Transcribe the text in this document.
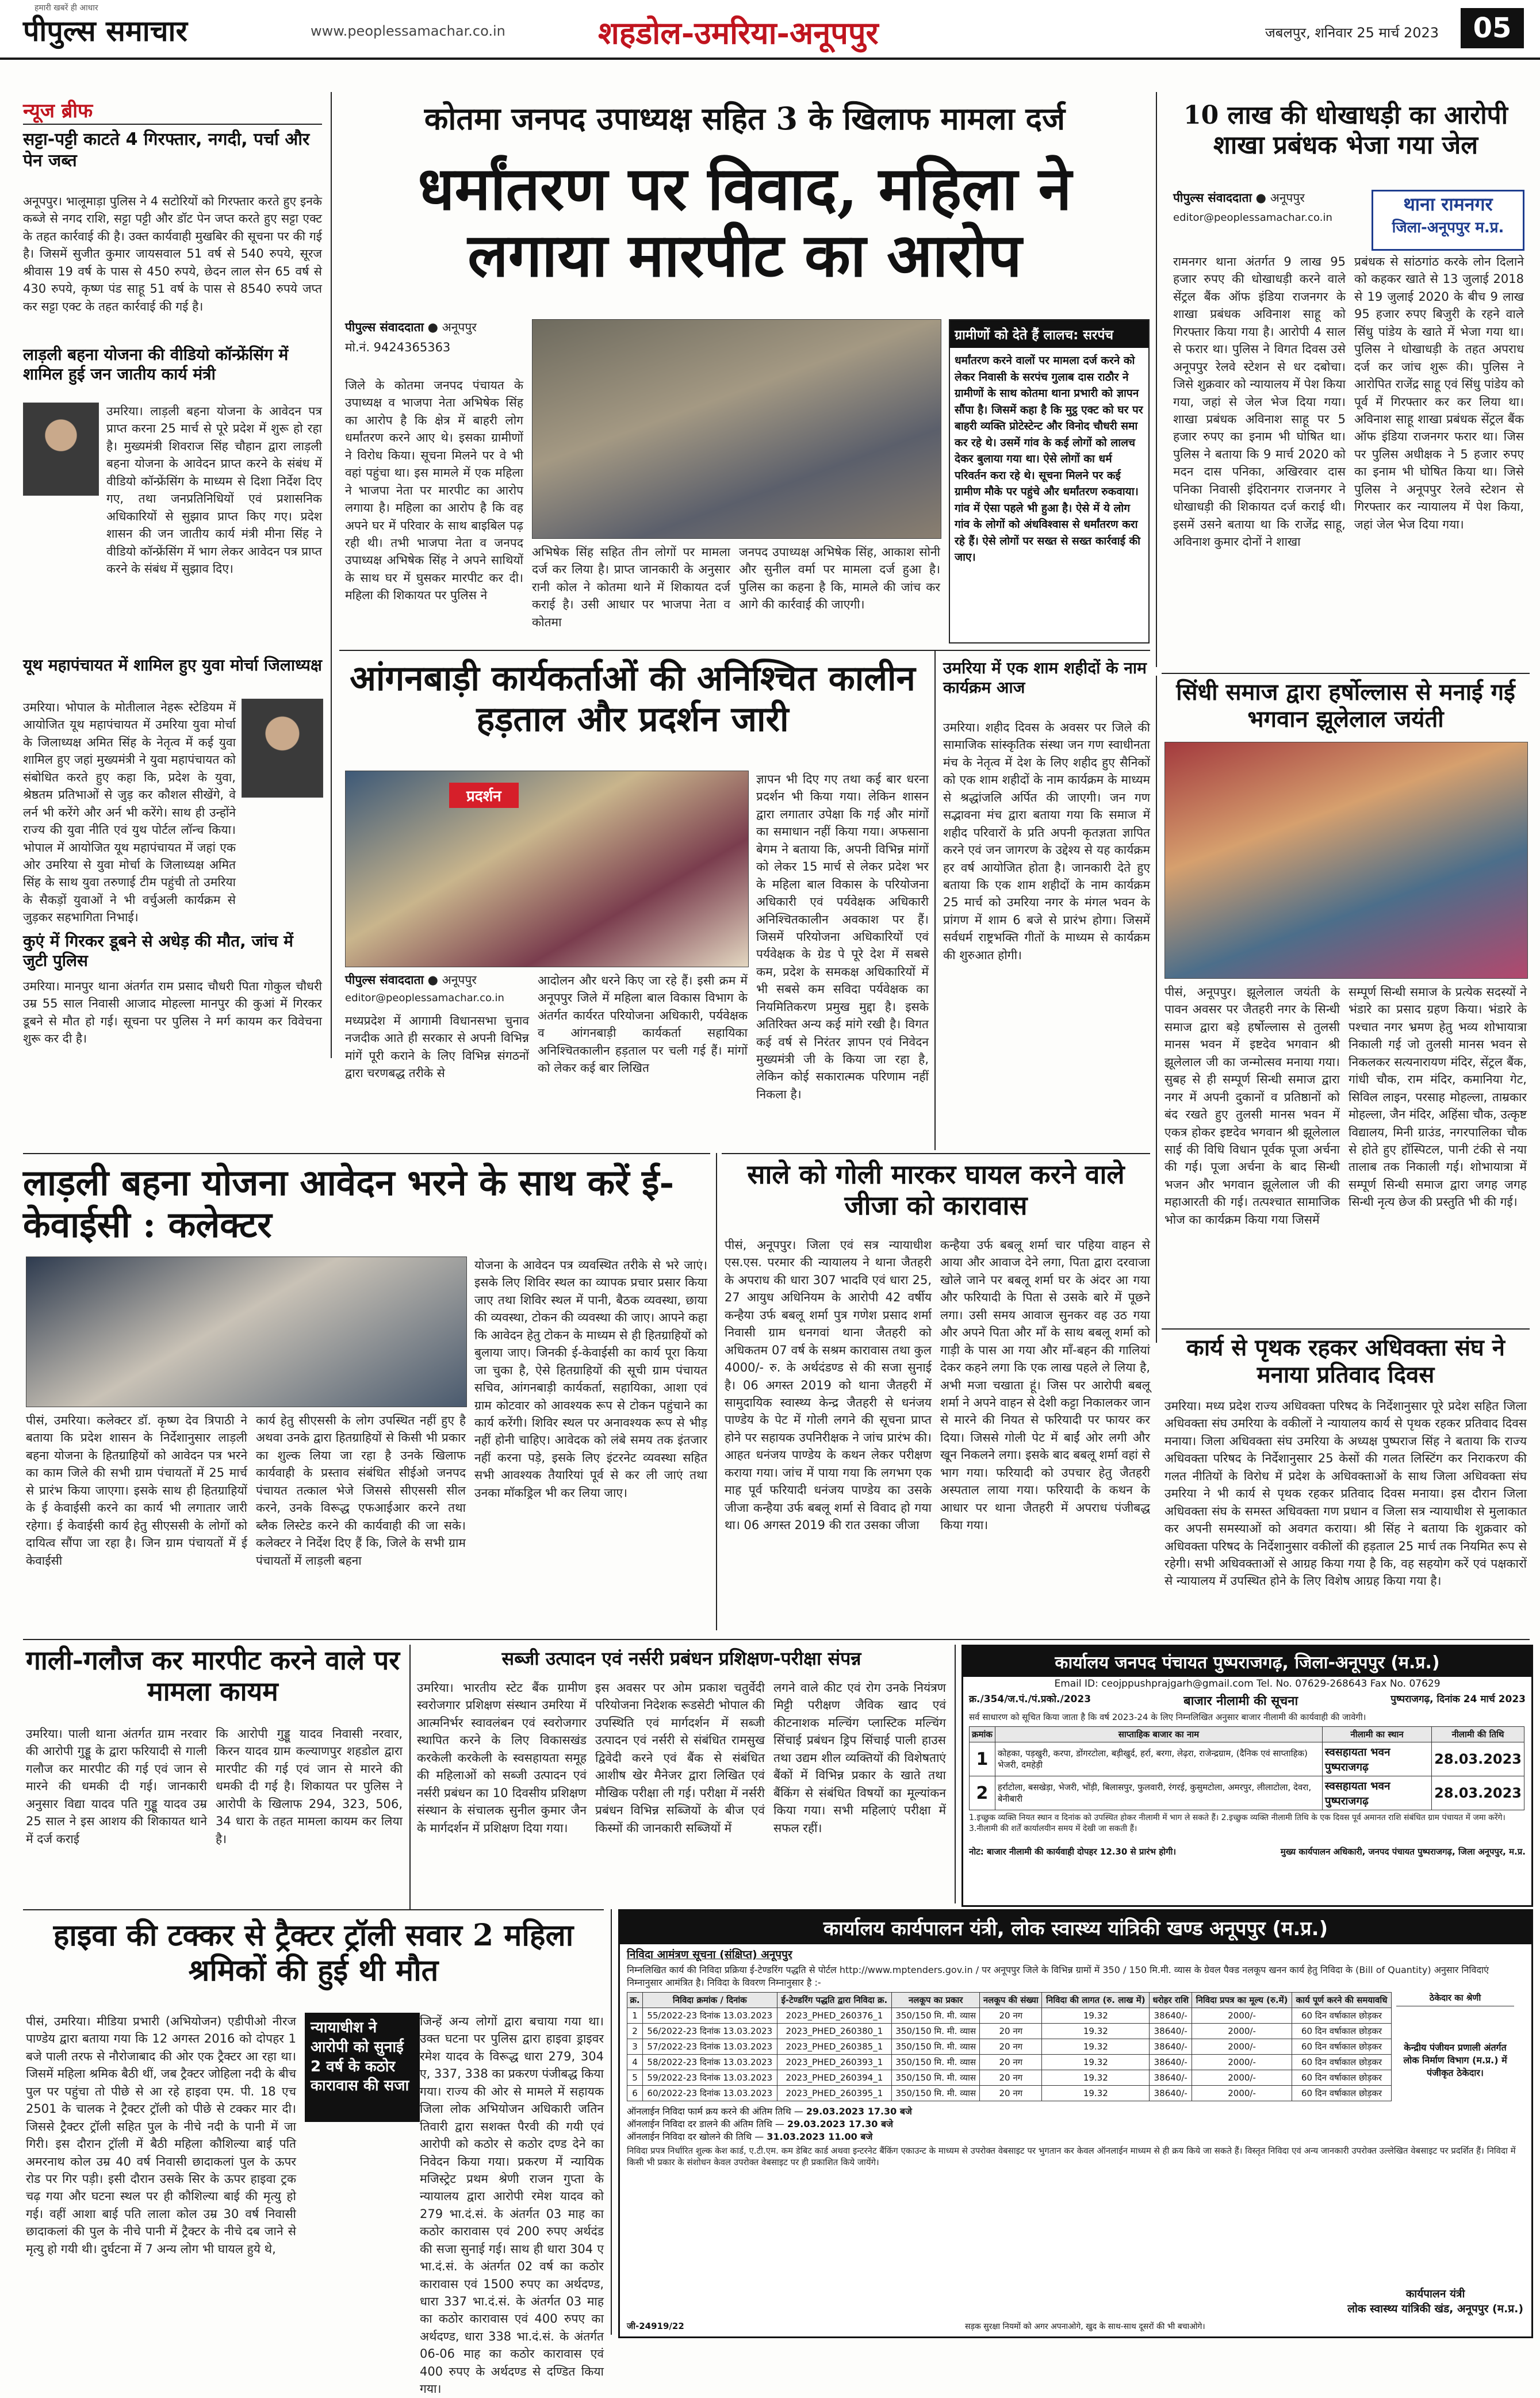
हमारी खबरें ही आधार
पीपुल्स समाचार	www.peoplessamachar.co.in	शहडोल-उमरिया-अनूपपुर	जबलपुर, शनिवार 25 मार्च 2023	05
न्यूज ब्रीफ
सट्टा-पट्टी काटते 4 गिरफ्तार, नगदी, पर्चा और पेन जब्त
अनूपपुर। भालूमाड़ा पुलिस ने 4 सटोरियों को गिरफ्तार करते हुए इनके कब्जे से नगद राशि, सट्टा पट्टी और डॉट पेन जप्त करते हुए सट्टा एक्ट के तहत कार्रवाई की है। उक्त कार्यवाही मुखबिर की सूचना पर की गई है। जिसमें सुजीत कुमार जायसवाल 51 वर्ष से 540 रुपये, सूरज श्रीवास 19 वर्ष के पास से 450 रुपये, छेदन लाल सेन 65 वर्ष से 430 रुपये, कृष्ण पंड साहू 51 वर्ष के पास से 8540 रुपये जप्त कर सट्टा एक्ट के तहत कार्रवाई की गई है।
लाड़ली बहना योजना की वीडियो कॉन्फ्रेंसिंग में शामिल हुई जन जातीय कार्य मंत्री
उमरिया। लाड़ली बहना योजना के आवेदन पत्र प्राप्त करना 25 मार्च से पूरे प्रदेश में शुरू हो रहा है। मुख्यमंत्री शिवराज सिंह चौहान द्वारा लाड़ली बहना योजना के आवेदन प्राप्त करने के संबंध में वीडियो कॉन्फ्रेंसिंग के माध्यम से दिशा निर्देश दिए गए, तथा जनप्रतिनिधियों एवं प्रशासनिक अधिकारियों से सुझाव प्राप्त किए गए। प्रदेश शासन की जन जातीय कार्य मंत्री मीना सिंह ने वीडियो कॉन्फ्रेंसिंग में भाग लेकर आवेदन पत्र प्राप्त करने के संबंध में सुझाव दिए।
यूथ महापंचायत में शामिल हुए युवा मोर्चा जिलाध्यक्ष
उमरिया। भोपाल के मोतीलाल नेहरू स्टेडियम में आयोजित यूथ महापंचायत में उमरिया युवा मोर्चा के जिलाध्यक्ष अमित सिंह के नेतृत्व में कई युवा शामिल हुए जहां मुख्यमंत्री ने युवा महापंचायत को संबोधित करते हुए कहा कि, प्रदेश के युवा, श्रेष्ठतम प्रतिभाओं से जुड़ कर कौशल सीखेंगे, वे लर्न भी करेंगे और अर्न भी करेंगे। साथ ही उन्होंने राज्य की युवा नीति एवं युथ पोर्टल लॉन्च किया। भोपाल में आयोजित यूथ महापंचायत में जहां एक ओर उमरिया से युवा मोर्चा के जिलाध्यक्ष अमित सिंह के साथ युवा तरुणाई टीम पहुंची तो उमरिया के सैकड़ों युवाओं ने भी वर्चुअली कार्यक्रम से जुड़कर सहभागिता निभाई।
कुएं में गिरकर डूबने से अधेड़ की मौत, जांच में जुटी पुलिस
उमरिया। मानपुर थाना अंतर्गत राम प्रसाद चौधरी पिता गोकुल चौधरी उम्र 55 साल निवासी आजाद मोहल्ला मानपुर की कुआं में गिरकर डूबने से मौत हो गई। सूचना पर पुलिस ने मर्ग कायम कर विवेचना शुरू कर दी है।
कोतमा जनपद उपाध्यक्ष सहित 3 के खिलाफ मामला दर्ज
धर्मांतरण पर विवाद, महिला ने लगाया मारपीट का आरोप
पीपुल्स संवाददाता ● अनूपपुर
मो.नं. 9424365363
जिले के कोतमा जनपद पंचायत के उपाध्यक्ष व भाजपा नेता अभिषेक सिंह का आरोप है कि क्षेत्र में बाहरी लोग धर्मांतरण करने आए थे। इसका ग्रामीणों ने विरोध किया। सूचना मिलने पर वे भी वहां पहुंचा था। इस मामले में एक महिला ने भाजपा नेता पर मारपीट का आरोप लगाया है। महिला का आरोप है कि वह अपने घर में परिवार के साथ बाइबिल पढ़ रही थी। तभी भाजपा नेता व जनपद उपाध्यक्ष अभिषेक सिंह ने अपने साथियों के साथ घर में घुसकर मारपीट कर दी। महिला की शिकायत पर पुलिस ने
अभिषेक सिंह सहित तीन लोगों पर मामला दर्ज कर लिया है। प्राप्त जानकारी के अनुसार रानी कोल ने कोतमा थाने में शिकायत दर्ज कराई है। उसी आधार पर भाजपा नेता व कोतमा
जनपद उपाध्यक्ष अभिषेक सिंह, आकाश सोनी और सुनील वर्मा पर मामला दर्ज हुआ है। पुलिस का कहना है कि, मामले की जांच कर आगे की कार्रवाई की जाएगी।
ग्रामीणों को देते हैं लालच: सरपंच
धर्मांतरण करने वालों पर मामला दर्ज करने को लेकर निवासी के सरपंच गुलाब दास राठौर ने ग्रामीणों के साथ कोतमा थाना प्रभारी को ज्ञापन सौंपा है। जिसमें कहा है कि मुट्ठ एक्ट को घर पर बाहरी व्यक्ति प्रोटेस्टेन्ट और विनोद चौधरी समा कर रहे थे। उसमें गांव के कई लोगों को लालच देकर बुलाया गया था। ऐसे लोगों का धर्म परिवर्तन करा रहे थे। सूचना मिलने पर कई ग्रामीण मौके पर पहुंचे और धर्मांतरण रुकवाया। गांव में ऐसा पहले भी हुआ है। ऐसे में ये लोग गांव के लोगों को अंधविश्वास से धर्मांतरण करा रहे हैं। ऐसे लोगों पर सख्त से सख्त कार्रवाई की जाए।
10 लाख की धोखाधड़ी का आरोपी शाखा प्रबंधक भेजा गया जेल
पीपुल्स संवाददाता ● अनूपपुर
editor@peoplessamachar.co.in
थाना रामनगर
जिला-अनूपपुर म.प्र.
रामनगर थाना अंतर्गत 9 लाख 95 हजार रुपए की धोखाधड़ी करने वाले सेंट्रल बैंक ऑफ इंडिया राजनगर के शाखा प्रबंधक अविनाश साहू को गिरफ्तार किया गया है। आरोपी 4 साल से फरार था। पुलिस ने विगत दिवस उसे अनूपपुर रेलवे स्टेशन से धर दबोचा। जिसे शुक्रवार को न्यायालय में पेश किया गया, जहां से जेल भेज दिया गया। शाखा प्रबंधक अविनाश साहू पर 5 हजार रुपए का इनाम भी घोषित था। पुलिस ने बताया कि 9 मार्च 2020 को मदन दास पनिका, अखिरवार दास पनिका निवासी इंदिरानगर राजनगर ने धोखाधड़ी की शिकायत दर्ज कराई थी। इसमें उसने बताया था कि राजेंद्र साहू, अविनाश कुमार दोनों ने शाखा
प्रबंधक से सांठगांठ करके लोन दिलाने को कहकर खाते से 13 जुलाई 2018 से 19 जुलाई 2020 के बीच 9 लाख 95 हजार रुपए बिजुरी के रहने वाले सिंधु पांडेय के खाते में भेजा गया था। पुलिस ने धोखाधड़ी के तहत अपराध दर्ज कर जांच शुरू की। पुलिस ने आरोपित राजेंद्र साहू एवं सिंधु पांडेय को पूर्व में गिरफ्तार कर कर लिया था। अविनाश साहू शाखा प्रबंधक सेंट्रल बैंक ऑफ इंडिया राजनगर फरार था। जिस पर पुलिस अधीक्षक ने 5 हजार रुपए का इनाम भी घोषित किया था। जिसे पुलिस ने अनूपपुर रेलवे स्टेशन से गिरफ्तार कर न्यायालय में पेश किया, जहां जेल भेज दिया गया।
आंगनबाड़ी कार्यकर्ताओं की अनिश्चित कालीन हड़ताल और प्रदर्शन जारी
प्रदर्शन
पीपुल्स संवाददाता ● अनूपपुर
editor@peoplessamachar.co.in
मध्यप्रदेश में आगामी विधानसभा चुनाव नजदीक आते ही सरकार से अपनी विभिन्न मांगें पूरी कराने के लिए विभिन्न संगठनों द्वारा चरणबद्ध तरीके से
आदोलन और धरने किए जा रहे हैं। इसी क्रम में अनूपपुर जिले में महिला बाल विकास विभाग के अंतर्गत कार्यरत परियोजना अधिकारी, पर्यवेक्षक व आंगनबाड़ी कार्यकर्ता सहायिका अनिश्चितकालीन हड़ताल पर चली गई हैं। मांगों को लेकर कई बार लिखित
ज्ञापन भी दिए गए तथा कई बार धरना प्रदर्शन भी किया गया। लेकिन शासन द्वारा लगातार उपेक्षा कि गई और मांगों का समाधान नहीं किया गया। अफसाना बेगम ने बताया कि, अपनी विभिन्न मांगों को लेकर 15 मार्च से लेकर प्रदेश भर के महिला बाल विकास के परियोजना अधिकारी एवं पर्यवेक्षक अधिकारी अनिश्चितकालीन अवकाश पर हैं। जिसमें परियोजना अधिकारियों एवं पर्यवेक्षक के ग्रेड पे पूरे देश में सबसे कम, प्रदेश के समकक्ष अधिकारियों में भी सबसे कम सविदा पर्यवेक्षक का नियमितिकरण प्रमुख मुद्दा है। इसके अतिरिक्त अन्य कई मांगे रखी है। विगत कई वर्ष से निरंतर ज्ञापन एवं निवेदन मुख्यमंत्री जी के किया जा रहा है, लेकिन कोई सकारात्मक परिणाम नहीं निकला है।
उमरिया में एक शाम शहीदों के नाम कार्यक्रम आज
उमरिया। शहीद दिवस के अवसर पर जिले की सामाजिक सांस्कृतिक संस्था जन गण स्वाधीनता मंच के नेतृत्व में देश के लिए शहीद हुए सैनिकों को एक शाम शहीदों के नाम कार्यक्रम के माध्यम से श्रद्धांजलि अर्पित की जाएगी। जन गण सद्भावना मंच द्वारा बताया गया कि समाज में शहीद परिवारों के प्रति अपनी कृतज्ञता ज्ञापित करने एवं जन जागरण के उद्देश्य से यह कार्यक्रम हर वर्ष आयोजित होता है। जानकारी देते हुए बताया कि एक शाम शहीदों के नाम कार्यक्रम 25 मार्च को उमरिया नगर के मंगल भवन के प्रांगण में शाम 6 बजे से प्रारंभ होगा। जिसमें सर्वधर्म राष्ट्रभक्ति गीतों के माध्यम से कार्यक्रम की शुरुआत होगी।
सिंधी समाज द्वारा हर्षोल्लास से मनाई गई भगवान झूलेलाल जयंती
पीसं, अनूपपुर। झूलेलाल जयंती के पावन अवसर पर जैतहरी नगर के सिन्धी समाज द्वारा बड़े हर्षोल्लास से तुलसी मानस भवन में इष्टदेव भगवान श्री झूलेलाल जी का जन्मोत्सव मनाया गया। सुबह से ही सम्पूर्ण सिन्धी समाज द्वारा नगर में अपनी दुकानों व प्रतिष्ठानों को बंद रखते हुए तुलसी मानस भवन में एकत्र होकर इष्टदेव भगवान श्री झूलेलाल साई की विधि विधान पूर्वक पूजा अर्चना की गई। पूजा अर्चना के बाद सिन्धी भजन और भगवान झूलेलाल जी की महाआरती की गई। तत्पश्चात सामाजिक भोज का कार्यक्रम किया गया जिसमें
सम्पूर्ण सिन्धी समाज के प्रत्येक सदस्यों ने भंडारे का प्रसाद ग्रहण किया। भंडारे के पश्चात नगर भ्रमण हेतु भव्य शोभायात्रा निकाली गई जो तुलसी मानस भवन से निकलकर सत्यनारायण मंदिर, सेंट्रल बैंक, गांधी चौक, राम मंदिर, कमानिया गेट, सिविल लाइन, परसाह मोहल्ला, ताम्रकार मोहल्ला, जैन मंदिर, अहिंसा चौक, उत्कृष्ट विद्यालय, मिनी ग्राउंड, नगरपालिका चौक से होते हुए हॉस्पिटल, पानी टंकी से नया तालाब तक निकाली गई। शोभायात्रा में सम्पूर्ण सिन्धी समाज द्वारा जगह जगह सिन्धी नृत्य छेज की प्रस्तुति भी की गई।
लाड़ली बहना योजना आवेदन भरने के साथ करें ई-केवाईसी : कलेक्टर
पीसं, उमरिया। कलेक्टर डॉ. कृष्ण देव त्रिपाठी ने बताया कि प्रदेश शासन के निर्देशानुसार लाड़ली बहना योजना के हितग्राहियों को आवेदन पत्र भरने का काम जिले की सभी ग्राम पंचायतों में 25 मार्च से प्रारंभ किया जाएगा। इसके साथ ही हितग्राहियों के ई केवाईसी करने का कार्य भी लगातार जारी रहेगा। ई केवाईसी कार्य हेतु सीएससी के लोगों को दायित्व सौंपा जा रहा है। जिन ग्राम पंचायतों में ई केवाईसी
कार्य हेतु सीएससी के लोग उपस्थित नहीं हुए है अथवा उनके द्वारा हितग्राहियों से किसी भी प्रकार का शुल्क लिया जा रहा है उनके खिलाफ कार्यवाही के प्रस्ताव संबंधित सीईओ जनपद पंचायत तत्काल भेजे जिससे सीएससी सील करने, उनके विरूद्ध एफआईआर करने तथा ब्लैक लिस्टेड करने की कार्यवाही की जा सके। कलेक्टर ने निर्देश दिए हैं कि, जिले के सभी ग्राम पंचायतों में लाड़ली बहना
योजना के आवेदन पत्र व्यवस्थित तरीके से भरे जाएं। इसके लिए शिविर स्थल का व्यापक प्रचार प्रसार किया जाए तथा शिविर स्थल में पानी, बैठक व्यवस्था, छाया की व्यवस्था, टोकन की व्यवस्था की जाए। आपने कहा कि आवेदन हेतु टोकन के माध्यम से ही हितग्राहियों को बुलाया जाए। जिनकी ई-केवाईसी का कार्य पूरा किया जा चुका है, ऐसे हितग्राहियों की सूची ग्राम पंचायत सचिव, आंगनबाड़ी कार्यकर्ता, सहायिका, आशा एवं ग्राम कोटवार को आवश्यक रूप से टोकन पहुंचाने का कार्य करेंगी। शिविर स्थल पर अनावश्यक रूप से भीड़ नहीं होनी चाहिए। आवेदक को लंबे समय तक इंतजार नहीं करना पड़े, इसके लिए इंटरनेट व्यवस्था सहित सभी आवश्यक तैयारियां पूर्व से कर ली जाएं तथा उनका मॉकड्रिल भी कर लिया जाए।
साले को गोली मारकर घायल करने वाले जीजा को कारावास
पीसं, अनूपपुर। जिला एवं सत्र न्यायाधीश एस.एस. परमार की न्यायालय ने थाना जैतहरी के अपराध की धारा 307 भादवि एवं धारा 25, 27 आयुध अधिनियम के आरोपी 42 वर्षीय कन्हैया उर्फ बबलू शर्मा पुत्र गणेश प्रसाद शर्मा निवासी ग्राम धनगवां थाना जैतहरी को अधिकतम 07 वर्ष के सश्रम कारावास तथा कुल 4000/- रु. के अर्थदंडण्ड से की सजा सुनाई है। 06 अगस्त 2019 को थाना जैतहरी में सामुदायिक स्वास्थ्य केन्द्र जैतहरी से धनंजय पाण्डेय के पेट में गोली लगने की सूचना प्राप्त होने पर सहायक उपनिरीक्षक ने जांच प्रारंभ की। आहत धनंजय पाण्डेय के कथन लेकर परीक्षण कराया गया। जांच में पाया गया कि लगभग एक माह पूर्व फरियादी धनंजय पाण्डेय का उसके जीजा कन्हैया उर्फ बबलू शर्मा से विवाद हो गया था। 06 अगस्त 2019 की रात उसका जीजा
कन्हैया उर्फ बबलू शर्मा चार पहिया वाहन से आया और आवाज देने लगा, पिता द्वारा दरवाजा खोले जाने पर बबलू शर्मा घर के अंदर आ गया और फरियादी के पिता से उसके बारे में पूछने लगा। उसी समय आवाज सुनकर वह उठ गया और अपने पिता और माँ के साथ बबलू शर्मा को गाड़ी के पास आ गया और माँ-बहन की गालियां देकर कहने लगा कि एक लाख पहले ले लिया है, अभी मजा चखाता हूं। जिस पर आरोपी बबलू शर्मा ने अपने वाहन से देशी कट्टा निकालकर जान से मारने की नियत से फरियादी पर फायर कर दिया। जिससे गोली पेट में बाईं ओर लगी और खून निकलने लगा। इसके बाद बबलू शर्मा वहां से भाग गया। फरियादी को उपचार हेतु जैतहरी अस्पताल लाया गया। फरियादी के कथन के आधार पर थाना जैतहरी में अपराध पंजीबद्ध किया गया।
कार्य से पृथक रहकर अधिवक्ता संघ ने मनाया प्रतिवाद दिवस
उमरिया। मध्य प्रदेश राज्य अधिवक्ता परिषद के निर्देशानुसार पूरे प्रदेश सहित जिला अधिवक्ता संघ उमरिया के वकीलों ने न्यायालय कार्य से पृथक रहकर प्रतिवाद दिवस मनाया। जिला अधिवक्ता संघ उमरिया के अध्यक्ष पुष्पराज सिंह ने बताया कि राज्य अधिवक्ता परिषद के निर्देशानुसार 25 केसों की गलत लिस्टिंग कर निराकरण की गलत नीतियों के विरोध में प्रदेश के अधिवक्ताओं के साथ जिला अधिवक्ता संघ उमरिया ने भी कार्य से पृथक रहकर प्रतिवाद दिवस मनाया। इस दौरान जिला अधिवक्ता संघ के समस्त अधिवक्ता गण प्रधान व जिला सत्र न्यायाधीश से मुलाकात कर अपनी समस्याओं को अवगत कराया। श्री सिंह ने बताया कि शुक्रवार को अधिवक्ता परिषद के निर्देशानुसार वकीलों की हड़ताल 25 मार्च तक नियमित रूप से रहेगी। सभी अधिवक्ताओं से आग्रह किया गया है कि, वह सहयोग करें एवं पक्षकारों से न्यायालय में उपस्थित होने के लिए विशेष आग्रह किया गया है।
गाली-गलौज कर मारपीट करने वाले पर मामला कायम
उमरिया। पाली थाना अंतर्गत ग्राम नरवार की आरोपी गुड्डू के द्वारा फरियादी से गाली गलौज कर मारपीट की गई एवं जान से मारने की धमकी दी गई। जानकारी अनुसार विद्या यादव पति गुड्डू यादव उम्र 25 साल ने इस आशय की शिकायत थाने में दर्ज कराई
कि आरोपी गुड्डू यादव निवासी नरवार, किरन यादव ग्राम कल्याणपुर शहडोल द्वारा मारपीट की गई एवं जान से मारने की धमकी दी गई है। शिकायत पर पुलिस ने आरोपी के खिलाफ 294, 323, 506, 34 धारा के तहत मामला कायम कर लिया है।
सब्जी उत्पादन एवं नर्सरी प्रबंधन प्रशिक्षण-परीक्षा संपन्न
उमरिया। भारतीय स्टेट बैंक ग्रामीण स्वरोजगार प्रशिक्षण संस्थान उमरिया में आत्मनिर्भर स्वावलंबन एवं स्वरोजगार स्थापित करने के लिए विकासखंड करकेली करकेली के स्वसहायता समूह की महिलाओं को सब्जी उत्पादन एवं नर्सरी प्रबंधन का 10 दिवसीय प्रशिक्षण संस्थान के संचालक सुनील कुमार जैन के मार्गदर्शन में प्रशिक्षण दिया गया।
इस अवसर पर ओम प्रकाश चतुर्वेदी परियोजना निदेशक रूडसेटी भोपाल की उपस्थिति एवं मार्गदर्शन में सब्जी उत्पादन एवं नर्सरी से संबंधित रामसुख द्विवेदी करने एवं बैंक से संबंधित आशीष खेर मैनेजर द्वारा लिखित एवं मौखिक परीक्षा ली गई। परीक्षा में नर्सरी प्रबंधन विभिन्न सब्जियों के बीज एवं किस्मों की जानकारी सब्जियों में
लगने वाले कीट एवं रोग उनके नियंत्रण मिट्टी परीक्षण जैविक खाद एवं कीटनाशक मल्चिंग प्लास्टिक मल्चिंग सिंचाई प्रबंधन ड्रिप सिंचाई पाली हाउस तथा उद्यम शील व्यक्तियों की विशेषताएं बैंकों में विभिन्न प्रकार के खाते तथा बैंकिंग से संबंधित विषयों का मूल्यांकन किया गया। सभी महिलाएं परीक्षा में सफल रहीं।
कार्यालय जनपद पंचायत पुष्पराजगढ़, जिला-अनूपपुर (म.प्र.)
Email ID: ceojppushprajgarh@gmail.com Tel. No. 07629-268643 Fax No. 07629
क्र./354/ज.पं./पं.प्रको./2023	बाजार नीलामी की सूचना	पुष्पराजगढ़, दिनांक 24 मार्च 2023
सर्व साधारण को सूचित किया जाता है कि वर्ष 2023-24 के लिए निम्नलिखित अनुसार बाजार नीलामी की कार्यवाही की जावेगी।
क्रमांक	साप्ताहिक बाजार का नाम	नीलामी का स्थान	नीलामी की तिथि
1	कोहका, पड़खुरी, करपा, डोंगरटोला, बड़ीखुर्द, हर्रा, बरगा, लेढ़रा, राजेन्द्रग्राम, (दैनिक एवं साप्ताहिक) भेजरी, दमहेड़ी	स्वसहायता भवन पुष्पराजगढ़	28.03.2023
2	हर्राटोला, बसखेड़ा, भेजरी, भोंड़ी, बिलासपुर, फुलवारी, रंगरई, कुसुमटोला, अमरपुर, लीलाटोला, देवरा, बेनीबारी	स्वसहायता भवन पुष्पराजगढ़	28.03.2023
1.इच्छुक व्यक्ति नियत स्थान व दिनांक को उपस्थित होकर नीलामी में भाग ले सकते हैं। 2.इच्छुक व्यक्ति नीलामी तिथि के एक दिवस पूर्व अमानत राशि संबंधित ग्राम पंचायत में जमा करेंगे। 3.नीलामी की शर्तें कार्यालयीन समय में देखी जा सकती हैं।
नोट: बाजार नीलामी की कार्यवाही दोपहर 12.30 से प्रारंभ होगी।	मुख्य कार्यपालन अधिकारी, जनपद पंचायत पुष्पराजगढ़, जिला अनूपपुर, म.प्र.
हाइवा की टक्कर से ट्रैक्टर ट्रॉली सवार 2 महिला श्रमिकों की हुई थी मौत
पीसं, उमरिया। मीडिया प्रभारी (अभियोजन) एडीपीओ नीरज पाण्डेय द्वारा बताया गया कि 12 अगस्त 2016 को दोपहर 1 बजे पाली तरफ से नौरोजाबाद की ओर एक ट्रैक्टर आ रहा था। जिसमें महिला श्रमिक बैठी थीं, जब ट्रैक्टर जोहिला नदी के बीच पुल पर पहुंचा तो पीछे से आ रहे हाइवा एम. पी. 18 एच 2501 के चालक ने ट्रैक्टर ट्रॉली को पीछे से टक्कर मार दी। जिससे ट्रैक्टर ट्रॉली सहित पुल के नीचे नदी के पानी में जा गिरी। इस दौरान ट्रॉली में बैठी महिला कौशिल्या बाई पति अमरनाथ कोल उम्र 40 वर्ष निवासी छादाकलां पुल के ऊपर रोड पर गिर पड़ी। इसी दौरान उसके सिर के ऊपर हाइवा ट्रक चढ़ गया और घटना स्थल पर ही कौशिल्या बाई की मृत्यु हो गई। वहीं आशा बाई पति लाला कोल उम्र 30 वर्ष निवासी छादाकलां की पुल के नीचे पानी में ट्रैक्टर के नीचे दब जाने से मृत्यु हो गयी थी। दुर्घटना में 7 अन्य लोग भी घायल हुये थे,
न्यायाधीश ने आरोपी को सुनाई 2 वर्ष के कठोर कारावास की सजा
जिन्हें अन्य लोगों द्वारा बचाया गया था। उक्त घटना पर पुलिस द्वारा हाइवा ड्राइवर रमेश यादव के विरूद्ध धारा 279, 304 ए, 337, 338 का प्रकरण पंजीबद्ध किया गया। राज्य की ओर से मामले में सहायक जिला लोक अभियोजन अधिकारी जतिन तिवारी द्वारा सशक्त पैरवी की गयी एवं आरोपी को कठोर से कठोर दण्ड देने का निवेदन किया गया। प्रकरण में न्यायिक मजिस्ट्रेट प्रथम श्रेणी राजन गुप्ता के न्यायालय द्वारा आरोपी रमेश यादव को 279 भा.दं.सं. के अंतर्गत 03 माह का कठोर कारावास एवं 200 रुपए अर्थदंड की सजा सुनाई गई। साथ ही धारा 304 ए भा.दं.सं. के अंतर्गत 02 वर्ष का कठोर कारावास एवं 1500 रुपए का अर्थदण्ड, धारा 337 भा.दं.सं. के अंतर्गत 03 माह का कठोर कारावास एवं 400 रुपए का अर्थदण्ड, धारा 338 भा.दं.सं. के अंतर्गत 06-06 माह का कठोर कारावास एवं 400 रुपए के अर्थदण्ड से दण्डित किया गया।
कार्यालय कार्यपालन यंत्री, लोक स्वास्थ्य यांत्रिकी खण्ड अनूपपुर (म.प्र.)
निविदा आमंत्रण सूचना (संक्षिप्त) अनूपपुर
निम्नलिखित कार्य की निविदा प्रक्रिया ई-टेण्डरिंग पद्धति से पोर्टल http://www.mptenders.gov.in / पर अनूपपुर जिले के विभिन्न ग्रामों में 350 / 150 मि.मी. व्यास के ग्रेवल पैक्ड नलकूप खनन कार्य हेतु निविदा के (Bill of Quantity) अनुसार निविदाएं निम्नानुसार आमंत्रित है। निविदा के विवरण निम्नानुसार है :-
क्र.	निविदा क्रमांक / दिनांक	ई-टेण्डरिंग पद्धति द्वारा निविदा क्र.	नलकूप का प्रकार	नलकूप की संख्या	निविदा की लागत (रु. लाख में)	धरोहर राशि	निविदा प्रपत्र का मूल्य (रु.में)	कार्य पूर्ण करने की समयावधि
1	55/2022-23 दिनांक 13.03.2023	2023_PHED_260376_1	350/150 मि. मी. व्यास	20 नग	19.32	38640/-	2000/-	60 दिन वर्षाकाल छोड़कर
2	56/2022-23 दिनांक 13.03.2023	2023_PHED_260380_1	350/150 मि. मी. व्यास	20 नग	19.32	38640/-	2000/-	60 दिन वर्षाकाल छोड़कर
3	57/2022-23 दिनांक 13.03.2023	2023_PHED_260385_1	350/150 मि. मी. व्यास	20 नग	19.32	38640/-	2000/-	60 दिन वर्षाकाल छोड़कर
4	58/2022-23 दिनांक 13.03.2023	2023_PHED_260393_1	350/150 मि. मी. व्यास	20 नग	19.32	38640/-	2000/-	60 दिन वर्षाकाल छोड़कर
5	59/2022-23 दिनांक 13.03.2023	2023_PHED_260394_1	350/150 मि. मी. व्यास	20 नग	19.32	38640/-	2000/-	60 दिन वर्षाकाल छोड़कर
6	60/2022-23 दिनांक 13.03.2023	2023_PHED_260395_1	350/150 मि. मी. व्यास	20 नग	19.32	38640/-	2000/-	60 दिन वर्षाकाल छोड़कर
ठेकेदार का श्रेणी
केन्द्रीय पंजीयन प्रणाली अंतर्गत लोक निर्माण विभाग (म.प्र.) में पंजीकृत ठेकेदार।
ऑनलाईन निविदा फार्म क्रय करने की अंतिम तिथि — 29.03.2023 17.30 बजे
ऑनलाईन निविदा दर डालने की अंतिम तिथि — 29.03.2023 17.30 बजे
ऑनलाईन निविदा दर खोलने की तिथि — 31.03.2023 11.00 बजे
निविदा प्रपत्र निर्धारित शुल्क केश कार्ड, ए.टी.एम. कम डेबिट कार्ड अथवा इन्टरनेट बैंकिंग एकाउन्ट के माध्यम से उपरोक्त वेबसाइट पर भुगतान कर केवल ऑनलाईन माध्यम से ही क्रय किये जा सकते हैं। विस्तृत निविदा एवं अन्य जानकारी उपरोक्त उल्लेखित वेबसाइट पर प्रदर्शित हैं। निविदा में किसी भी प्रकार के संशोधन केवल उपरोक्त वेबसाइट पर ही प्रकाशित किये जायेंगे।
कार्यपालन यंत्री
लोक स्वास्थ्य यांत्रिकी खंड, अनूपपुर (म.प्र.)
जी-24919/22	सड़क सुरक्षा नियमों को अगर अपनाओगे, खुद के साथ-साथ दूसरों की भी बचाओगे।
